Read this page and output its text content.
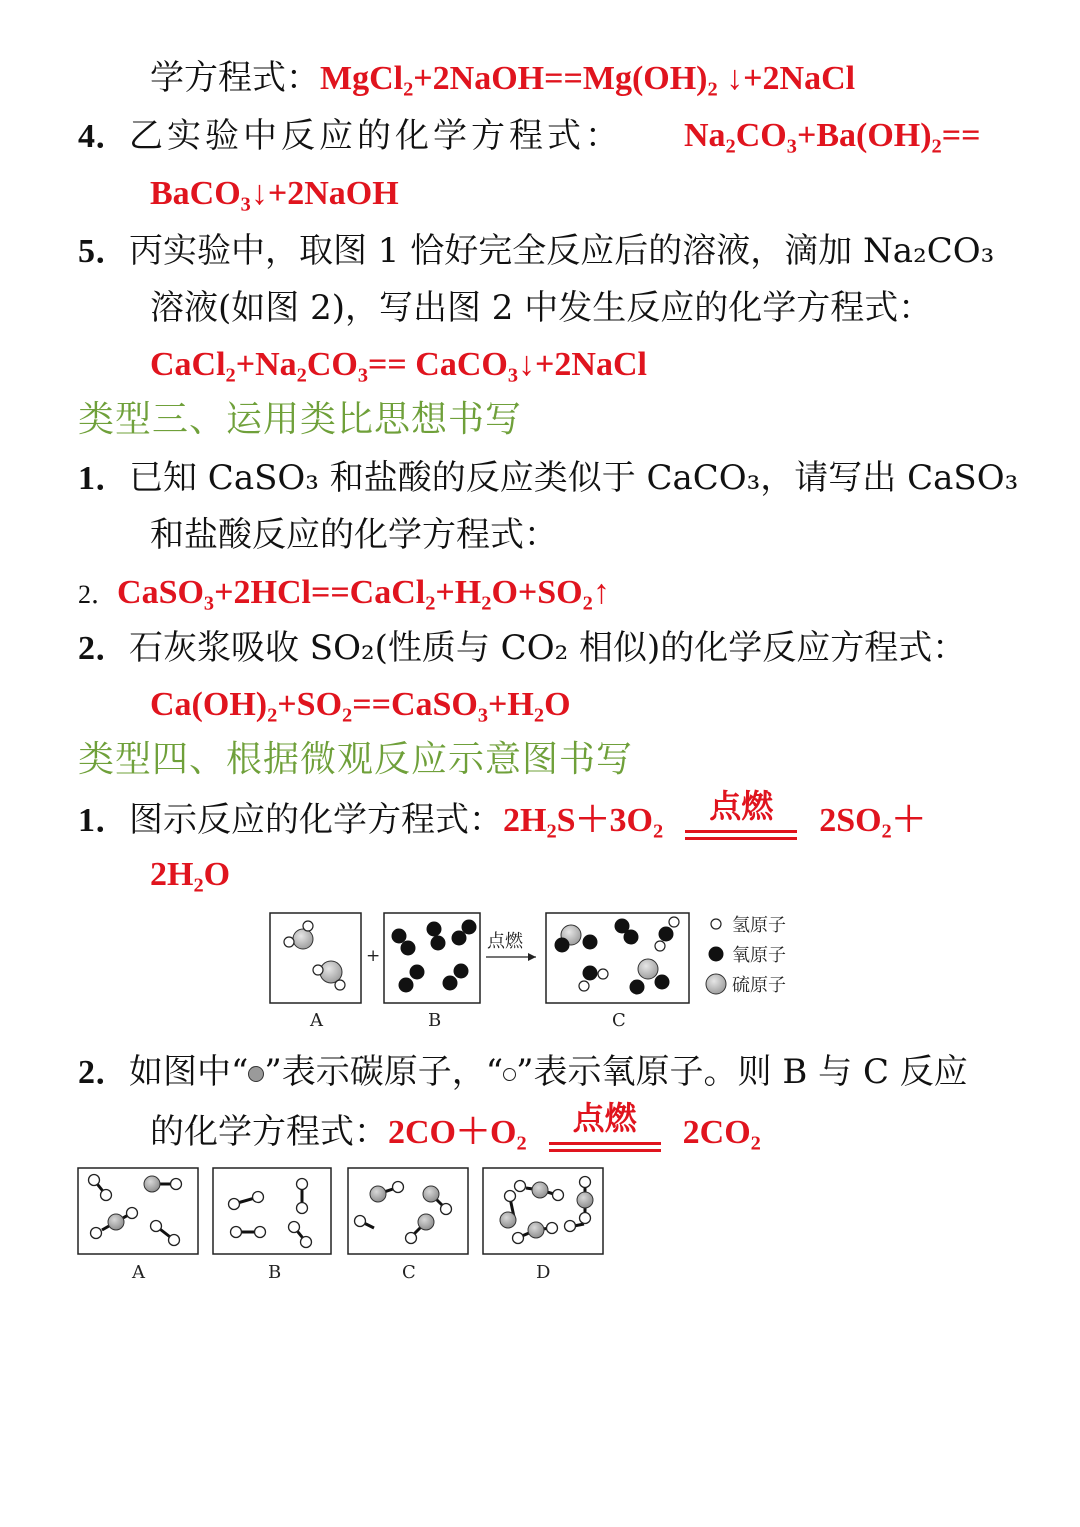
学方程式：MgCl₂+2NaOH==Mg(OH)₂ ↓+2NaCl
4．乙实验中反应的化学方程式： Na₂CO₃+Ba(OH)₂==
BaCO₃↓+2NaOH
5．丙实验中，取图 1 恰好完全反应后的溶液，滴加 Na₂CO₃
溶液(如图 2)，写出图 2 中发生反应的化学方程式：
CaCl₂+Na₂CO₃== CaCO₃↓+2NaCl
类型三、运用类比思想书写
1．已知 CaSO₃ 和盐酸的反应类似于 CaCO₃，请写出 CaSO₃
和盐酸反应的化学方程式：
2．CaSO₃+2HCl==CaCl₂+H₂O+SO₂↑
2．石灰浆吸收 SO₂(性质与 CO₂ 相似)的化学反应方程式：
Ca(OH)₂+SO₂==CaSO₃+H₂O
类型四、根据微观反应示意图书写
1．图示反应的化学方程式：2H₂S＋3O₂ 点燃 2SO₂＋
2H₂O
+
点燃
氢原子
氧原子
硫原子
A	B	C
2．如图中“ ”表示碳原子，“ ”表示氧原子。则 B 与 C 反应
的化学方程式：2CO＋O₂ 点燃 2CO₂
A	B	C	D
